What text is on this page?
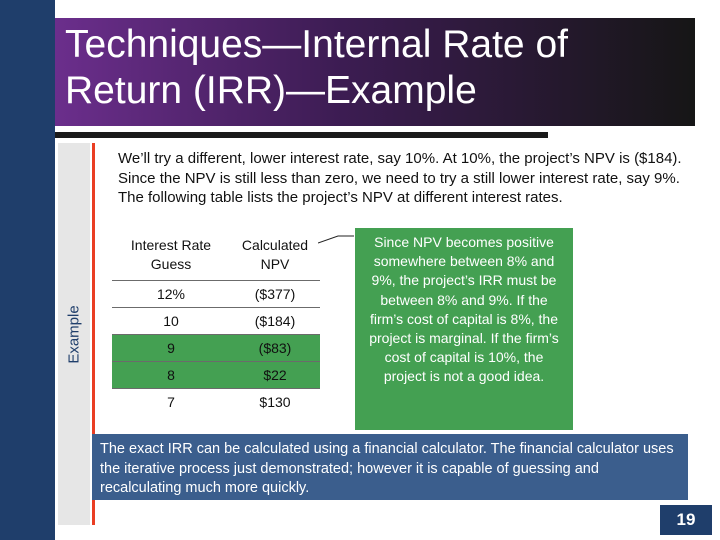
Techniques—Internal Rate of Return (IRR)—Example
Example

We’ll try a different, lower interest rate, say 10%. At 10%, the project’s NPV is ($184). Since the NPV is still less than zero, we need to try a still lower interest rate, say 9%. The following table lists the project’s NPV at different interest rates.

Interest Rate Guess	Calculated NPV
12%	($377)
10	($184)
9	($83)
8	$22
7	$130

Since NPV becomes positive somewhere between 8% and 9%, the project’s IRR must be between 8% and 9%. If the firm’s cost of capital is 8%, the project is marginal. If the firm’s cost of capital is 10%, the project is not a good idea.

The exact IRR can be calculated using a financial calculator. The financial calculator uses the iterative process just demonstrated; however it is capable of guessing and recalculating much more quickly.

19
